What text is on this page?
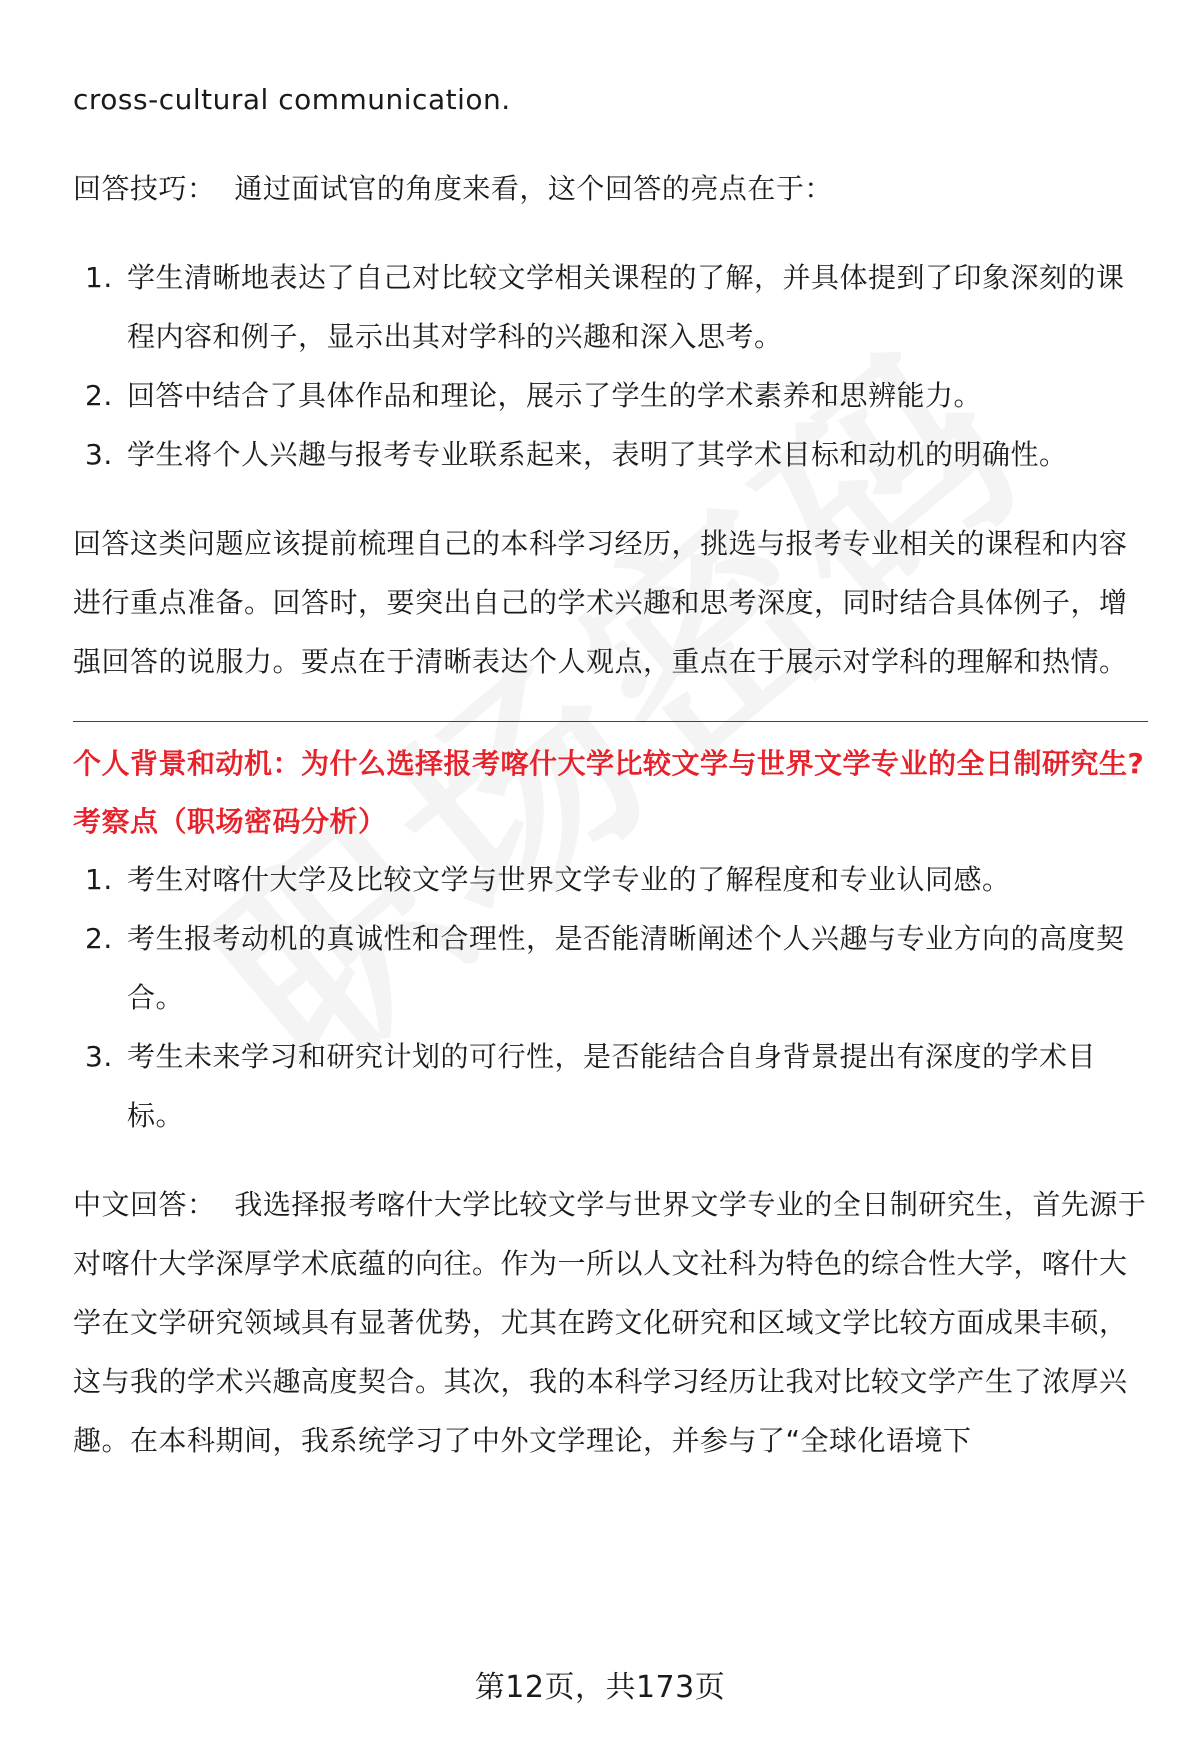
cross-cultural communication.

回答技巧： 通过面试官的角度来看，这个回答的亮点在于：

1. 学生清晰地表达了自己对比较文学相关课程的了解，并具体提到了印象深刻的课程内容和例子，显示出其对学科的兴趣和深入思考。
2. 回答中结合了具体作品和理论，展示了学生的学术素养和思辨能力。
3. 学生将个人兴趣与报考专业联系起来，表明了其学术目标和动机的明确性。

回答这类问题应该提前梳理自己的本科学习经历，挑选与报考专业相关的课程和内容进行重点准备。回答时，要突出自己的学术兴趣和思考深度，同时结合具体例子，增强回答的说服力。要点在于清晰表达个人观点，重点在于展示对学科的理解和热情。

个人背景和动机：为什么选择报考喀什大学比较文学与世界文学专业的全日制研究生?

考察点（职场密码分析）

1. 考生对喀什大学及比较文学与世界文学专业的了解程度和专业认同感。
2. 考生报考动机的真诚性和合理性，是否能清晰阐述个人兴趣与专业方向的高度契合。
3. 考生未来学习和研究计划的可行性，是否能结合自身背景提出有深度的学术目标。

中文回答： 我选择报考喀什大学比较文学与世界文学专业的全日制研究生，首先源于对喀什大学深厚学术底蕴的向往。作为一所以人文社科为特色的综合性大学，喀什大学在文学研究领域具有显著优势，尤其在跨文化研究和区域文学比较方面成果丰硕，这与我的学术兴趣高度契合。其次，我的本科学习经历让我对比较文学产生了浓厚兴趣。在本科期间，我系统学习了中外文学理论，并参与了“全球化语境下

第12页，共173页
